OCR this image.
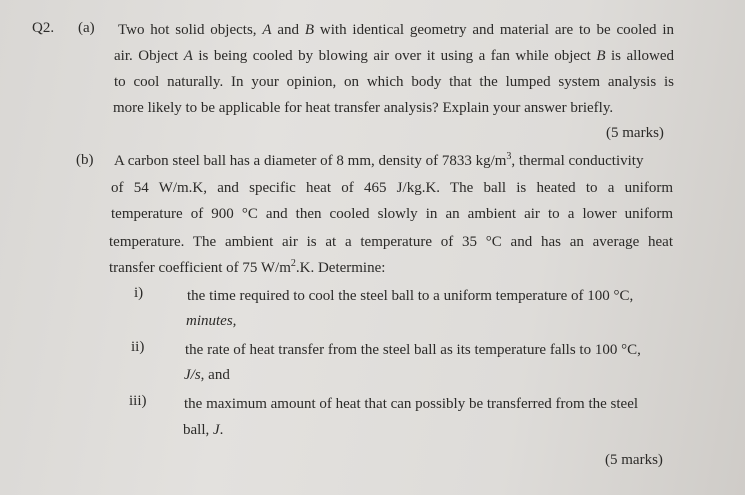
Q2. (a) Two hot solid objects, A and B with identical geometry and material are to be cooled in
air. Object A is being cooled by blowing air over it using a fan while object B is allowed
to cool naturally. In your opinion, on which body that the lumped system analysis is
more likely to be applicable for heat transfer analysis? Explain your answer briefly.
(5 marks)
(b) A carbon steel ball has a diameter of 8 mm, density of 7833 $kg/m^3$, thermal conductivity
of 54 W/m.K, and specific heat of 465 J/kg.K. The ball is heated to a uniform
temperature of 900 °C and then cooled slowly in an ambient air to a lower uniform
temperature. The ambient air is at a temperature of 35 °C and has an average heat
transfer coefficient of 75 $W/m^2.K$. Determine:
i)	the time required to cool the steel ball to a uniform temperature of 100 °C,
minutes,
ii)	the rate of heat transfer from the steel ball as its temperature falls to 100 °C,
J/s, and
iii)	the maximum amount of heat that can possibly be transferred from the steel
ball, J.
(5 marks)
